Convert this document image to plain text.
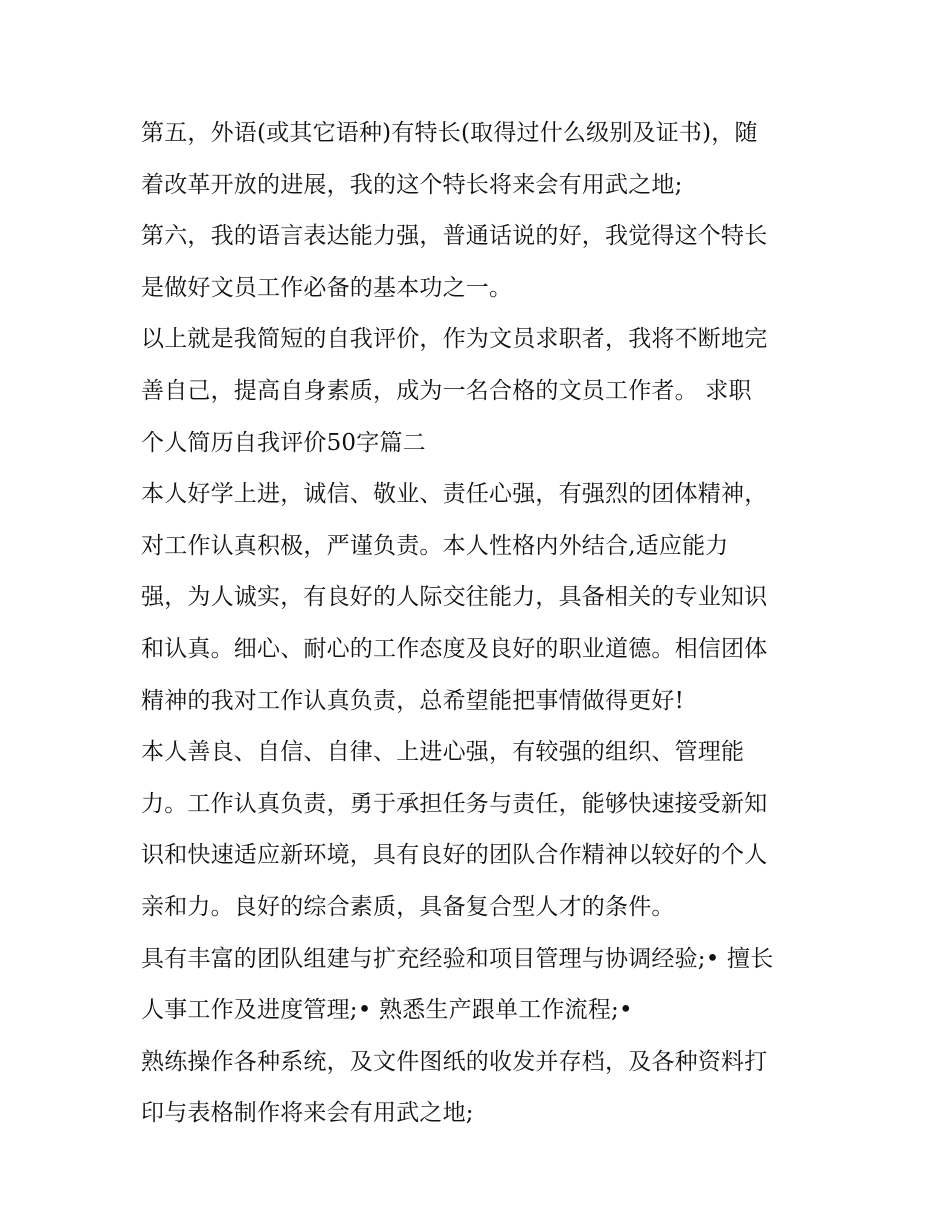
第五，外语(或其它语种)有特长(取得过什么级别及证书)，随
着改革开放的进展，我的这个特长将来会有用武之地;
第六，我的语言表达能力强，普通话说的好，我觉得这个特长
是做好文员工作必备的基本功之一。
以上就是我简短的自我评价，作为文员求职者，我将不断地完
善自己，提高自身素质，成为一名合格的文员工作者。 求职
个人简历自我评价50字篇二
本人好学上进，诚信、敬业、责任心强，有强烈的团体精神，
对工作认真积极，严谨负责。本人性格内外结合,适应能力
强，为人诚实，有良好的人际交往能力，具备相关的专业知识
和认真。细心、耐心的工作态度及良好的职业道德。相信团体
精神的我对工作认真负责，总希望能把事情做得更好!
本人善良、自信、自律、上进心强，有较强的组织、管理能
力。工作认真负责，勇于承担任务与责任，能够快速接受新知
识和快速适应新环境，具有良好的团队合作精神以较好的个人
亲和力。良好的综合素质，具备复合型人才的条件。
具有丰富的团队组建与扩充经验和项目管理与协调经验;• 擅长
人事工作及进度管理;• 熟悉生产跟单工作流程;•
熟练操作各种系统，及文件图纸的收发并存档，及各种资料打
印与表格制作将来会有用武之地;
